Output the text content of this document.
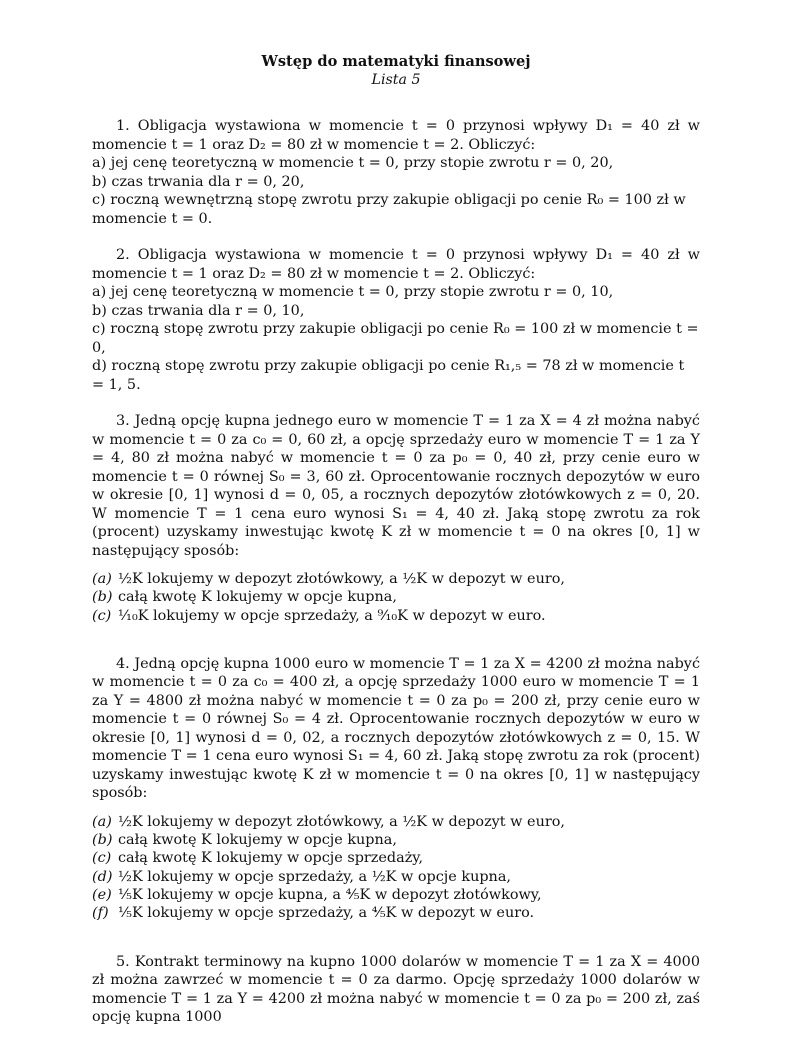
Wstęp do matematyki finansowej
Lista 5

1. Obligacja wystawiona w momencie t = 0 przynosi wpływy D₁ = 40 zł w momencie t = 1 oraz D₂ = 80 zł w momencie t = 2. Obliczyć:

a) jej cenę teoretyczną w momencie t = 0, przy stopie zwrotu r = 0, 20,
b) czas trwania dla r = 0, 20,
c) roczną wewnętrzną stopę zwrotu przy zakupie obligacji po cenie R₀ = 100 zł w momencie t = 0.

2. Obligacja wystawiona w momencie t = 0 przynosi wpływy D₁ = 40 zł w momencie t = 1 oraz D₂ = 80 zł w momencie t = 2. Obliczyć:

a) jej cenę teoretyczną w momencie t = 0, przy stopie zwrotu r = 0, 10,
b) czas trwania dla r = 0, 10,
c) roczną stopę zwrotu przy zakupie obligacji po cenie R₀ = 100 zł w momencie t = 0,
d) roczną stopę zwrotu przy zakupie obligacji po cenie R₁,₅ = 78 zł w momencie t = 1, 5.

3. Jedną opcję kupna jednego euro w momencie T = 1 za X = 4 zł można nabyć w momencie t = 0 za c₀ = 0, 60 zł, a opcję sprzedaży euro w momencie T = 1 za Y = 4, 80 zł można nabyć w momencie t = 0 za p₀ = 0, 40 zł, przy cenie euro w momencie t = 0 równej S₀ = 3, 60 zł. Oprocentowanie rocznych depozytów w euro w okresie [0, 1] wynosi d = 0, 05, a rocznych depozytów złotówkowych z = 0, 20. W momencie T = 1 cena euro wynosi S₁ = 4, 40 zł. Jaką stopę zwrotu za rok (procent) uzyskamy inwestując kwotę K zł w momencie t = 0 na okres [0, 1] w następujący sposób:

(a) ½K lokujemy w depozyt złotówkowy, a ½K w depozyt w euro,
(b) całą kwotę K lokujemy w opcje kupna,
(c) ¹⁄₁₀K lokujemy w opcje sprzedaży, a ⁹⁄₁₀K w depozyt w euro.

4. Jedną opcję kupna 1000 euro w momencie T = 1 za X = 4200 zł można nabyć w momencie t = 0 za c₀ = 400 zł, a opcję sprzedaży 1000 euro w momencie T = 1 za Y = 4800 zł można nabyć w momencie t = 0 za p₀ = 200 zł, przy cenie euro w momencie t = 0 równej S₀ = 4 zł. Oprocentowanie rocznych depozytów w euro w okresie [0, 1] wynosi d = 0, 02, a rocznych depozytów złotówkowych z = 0, 15. W momencie T = 1 cena euro wynosi S₁ = 4, 60 zł. Jaką stopę zwrotu za rok (procent) uzyskamy inwestując kwotę K zł w momencie t = 0 na okres [0, 1] w następujący sposób:

(a) ½K lokujemy w depozyt złotówkowy, a ½K w depozyt w euro,
(b) całą kwotę K lokujemy w opcje kupna,
(c) całą kwotę K lokujemy w opcje sprzedaży,
(d) ½K lokujemy w opcje sprzedaży, a ½K w opcje kupna,
(e) ⅕K lokujemy w opcje kupna, a ⅘K w depozyt złotówkowy,
(f) ⅕K lokujemy w opcje sprzedaży, a ⅘K w depozyt w euro.

5. Kontrakt terminowy na kupno 1000 dolarów w momencie T = 1 za X = 4000 zł można zawrzeć w momencie t = 0 za darmo. Opcję sprzedaży 1000 dolarów w momencie T = 1 za Y = 4200 zł można nabyć w momencie t = 0 za p₀ = 200 zł, zaś opcję kupna 1000
